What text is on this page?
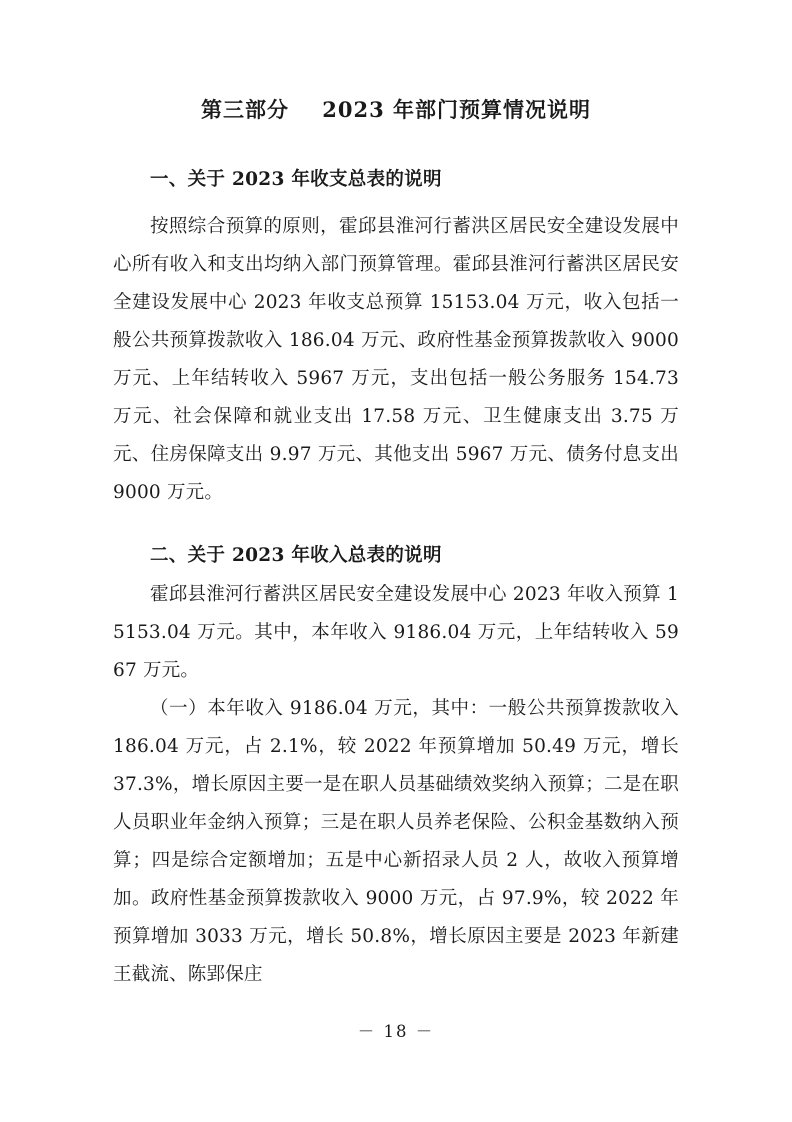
第三部分    2023 年部门预算情况说明
一、关于 2023 年收支总表的说明

按照综合预算的原则，霍邱县淮河行蓄洪区居民安全建设发展中心所有收入和支出均纳入部门预算管理。霍邱县淮河行蓄洪区居民安全建设发展中心 2023 年收支总预算 15153.04 万元，收入包括一般公共预算拨款收入 186.04 万元、政府性基金预算拨款收入 9000 万元、上年结转收入 5967 万元，支出包括一般公务服务 154.73 万元、社会保障和就业支出 17.58 万元、卫生健康支出 3.75 万元、住房保障支出 9.97 万元、其他支出 5967 万元、债务付息支出 9000 万元。

二、关于 2023 年收入总表的说明

霍邱县淮河行蓄洪区居民安全建设发展中心 2023 年收入预算 15153.04 万元。其中，本年收入 9186.04 万元，上年结转收入 5967 万元。

（一）本年收入 9186.04 万元，其中：一般公共预算拨款收入 186.04 万元，占 2.1%，较 2022 年预算增加 50.49 万元，增长 37.3%，增长原因主要一是在职人员基础绩效奖纳入预算；二是在职人员职业年金纳入预算；三是在职人员养老保险、公积金基数纳入预算；四是综合定额增加；五是中心新招录人员 2 人，故收入预算增加。政府性基金预算拨款收入 9000 万元，占 97.9%，较 2022 年预算增加 3033 万元，增长 50.8%，增长原因主要是 2023 年新建王截流、陈郢保庄

－ 18 －
